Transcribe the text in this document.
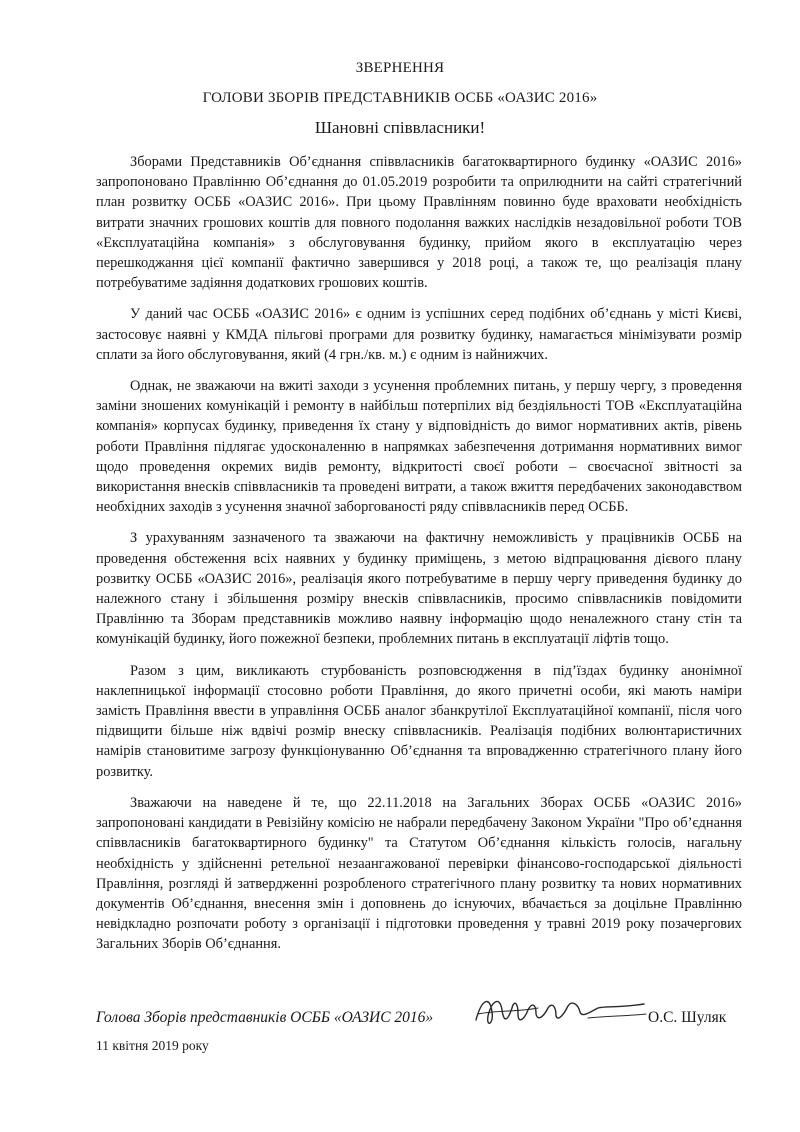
ЗВЕРНЕННЯ
ГОЛОВИ ЗБОРІВ ПРЕДСТАВНИКІВ ОСББ «ОАЗИС 2016»
Шановні співвласники!

Зборами Представників Об’єднання співвласників багатоквартирного будинку «ОАЗИС 2016» запропоновано Правлінню Об’єднання до 01.05.2019 розробити та оприлюднити на сайті стратегічний план розвитку ОСББ «ОАЗИС 2016». При цьому Правлінням повинно буде враховати необхідність витрати значних грошових коштів для повного подолання важких наслідків незадовільної роботи ТОВ «Експлуатаційна компанія» з обслуговування будинку, прийом якого в експлуатацію через перешкоджання цієї компанії фактично завершився у 2018 році, а також те, що реалізація плану потребуватиме задіяння додаткових грошових коштів.

У даний час ОСББ «ОАЗИС 2016» є одним із успішних серед подібних об’єднань у місті Києві, застосовує наявні у КМДА пільгові програми для розвитку будинку, намагається мінімізувати розмір сплати за його обслуговування, який (4 грн./кв. м.) є одним із найнижчих.

Однак, не зважаючи на вжиті заходи з усунення проблемних питань, у першу чергу, з проведення заміни зношених комунікацій і ремонту в найбільш потерпілих від бездіяльності ТОВ «Експлуатаційна компанія» корпусах будинку, приведення їх стану у відповідність до вимог нормативних актів, рівень роботи Правління підлягає удосконаленню в напрямках забезпечення дотримання нормативних вимог щодо проведення окремих видів ремонту, відкритості своєї роботи – своєчасної звітності за використання внесків співвласників та проведені витрати, а також вжиття передбачених законодавством необхідних заходів з усунення значної заборгованості ряду співвласників перед ОСББ.

З урахуванням зазначеного та зважаючи на фактичну неможливість у працівників ОСББ на проведення обстеження всіх наявних у будинку приміщень, з метою відпрацювання дієвого плану розвитку ОСББ «ОАЗИС 2016», реалізація якого потребуватиме в першу чергу приведення будинку до належного стану і збільшення розміру внесків співвласників, просимо співвласників повідомити Правлінню та Зборам представників можливо наявну інформацію щодо неналежного стану стін та комунікацій будинку, його пожежної безпеки, проблемних питань в експлуатації ліфтів тощо.

Разом з цим, викликають стурбованість розповсюдження в під’їздах будинку анонімної наклепницької інформації стосовно роботи Правління, до якого причетні особи, які мають наміри замість Правління ввести в управління ОСББ аналог збанкрутілої Експлуатаційної компанії, після чого підвищити більше ніж вдвічі розмір внеску співвласників. Реалізація подібних волюнтаристичних намірів становитиме загрозу функціонуванню Об’єднання та впровадженню стратегічного плану його розвитку.

Зважаючи на наведене й те, що 22.11.2018 на Загальних Зборах ОСББ «ОАЗИС 2016» запропоновані кандидати в Ревізійну комісію не набрали передбачену Законом України "Про об’єднання співвласників багатоквартирного будинку" та Статутом Об’єднання кількість голосів, нагальну необхідність у здійсненні ретельної незаангажованої перевірки фінансово-господарської діяльності Правління, розгляді й затвердженні розробленого стратегічного плану розвитку та нових нормативних документів Об’єднання, внесення змін і доповнень до існуючих, вбачається за доцільне Правлінню невідкладно розпочати роботу з організації і підготовки проведення у травні 2019 року позачергових Загальних Зборів Об’єднання.

Голова Зборів представників ОСББ «ОАЗИС 2016»	О.С. Шуляк
11 квітня 2019 року
